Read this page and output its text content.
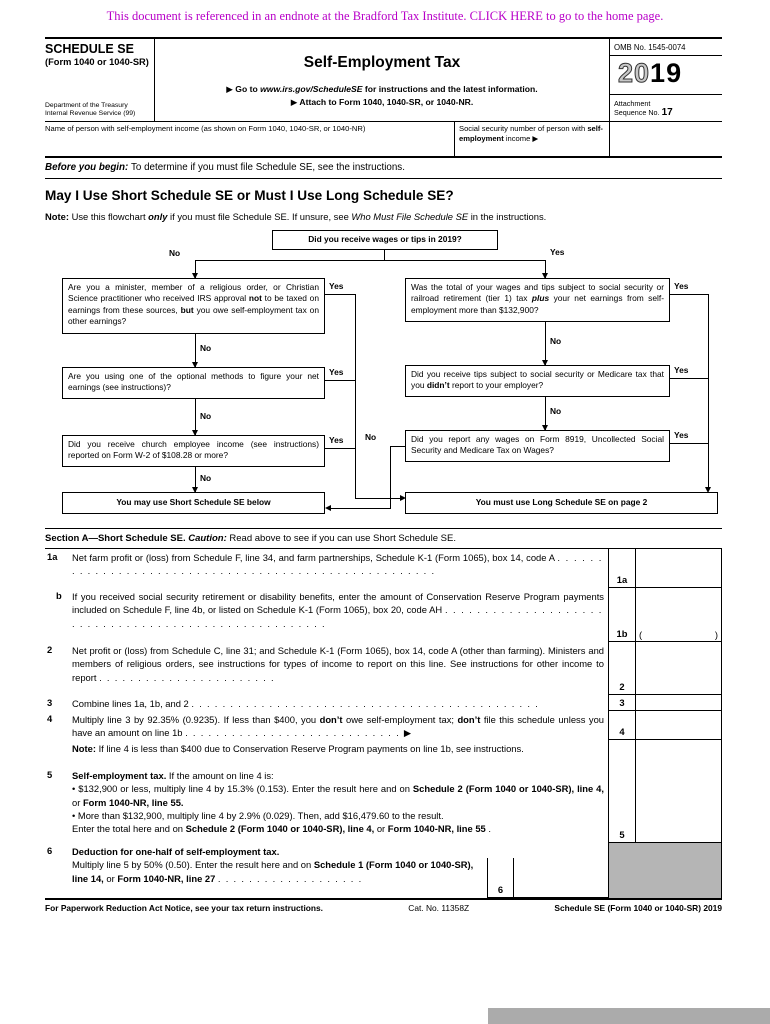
This document is referenced in an endnote at the Bradford Tax Institute. CLICK HERE to go to the home page.
SCHEDULE SE
(Form 1040 or 1040-SR)
Department of the Treasury
Internal Revenue Service (99)
Self-Employment Tax
▶ Go to www.irs.gov/ScheduleSE for instructions and the latest information.
▶ Attach to Form 1040, 1040-SR, or 1040-NR.
OMB No. 1545-0074
2019
Attachment
Sequence No. 17
Name of person with self-employment income (as shown on Form 1040, 1040-SR, or 1040-NR)	Social security number of person with self-employment income ▶
Before you begin: To determine if you must file Schedule SE, see the instructions.
May I Use Short Schedule SE or Must I Use Long Schedule SE?
Note: Use this flowchart only if you must file Schedule SE. If unsure, see Who Must File Schedule SE in the instructions.
Did you receive wages or tips in 2019?
No	Yes
Are you a minister, member of a religious order, or Christian Science practitioner who received IRS approval not to be taxed on earnings from these sources, but you owe self-employment tax on other earnings?
Are you using one of the optional methods to figure your net earnings (see instructions)?
Did you receive church employee income (see instructions) reported on Form W-2 of $108.28 or more?
You may use Short Schedule SE below
Was the total of your wages and tips subject to social security or railroad retirement (tier 1) tax plus your net earnings from self-employment more than $132,900?
Did you receive tips subject to social security or Medicare tax that you didn’t report to your employer?
Did you report any wages on Form 8919, Uncollected Social Security and Medicare Tax on Wages?
You must use Long Schedule SE on page 2
No
No
No
No
No
Yes
Yes
Yes
Yes
Yes
Yes
No
Section A—Short Schedule SE. Caution: Read above to see if you can use Short Schedule SE.
1a	Net farm profit or (loss) from Schedule F, line 34, and farm partnerships, Schedule K-1 (Form 1065), box 14, code A .  .  .  .  .  .  .  .  .  .  .  .  .  .  .  .  .  .  .  .  .  .  .  .  .  .  .  .  .  .  .  .  .  .  .  .  .  .  .  .  .  .  .  .  .  .  .  .  .  .  .  .  .
1a
b	If you received social security retirement or disability benefits, enter the amount of Conservation Reserve Program payments included on Schedule F, line 4b, or listed on Schedule K-1 (Form 1065), box 20, code AH .  .  .  .  .  .  .  .  .  .  .  .  .  .  .  .  .  .  .  .  .  .  .  .  .  .  .  .  .  .  .  .  .  .  .  .  .  .  .  .  .  .  .  .  .  .  .  .  .  .  .  .  .
1b	(	)
2	Net profit or (loss) from Schedule C, line 31; and Schedule K-1 (Form 1065), box 14, code A (other than farming). Ministers and members of religious orders, see instructions for types of income to report on this line. See instructions for other income to report .  .  .  .  .  .  .  .  .  .  .  .  .  .  .  .  .  .  .  .  .  .  .
2
3	Combine lines 1a, 1b, and 2 .  .  .  .  .  .  .  .  .  .  .  .  .  .  .  .  .  .  .  .  .  .  .  .  .  .  .  .  .  .  .  .  .  .  .  .  .  .  .  .  .  .  .  .  .	3
4	Multiply line 3 by 92.35% (0.9235). If less than $400, you don’t owe self-employment tax; don’t file this schedule unless you have an amount on line 1b .  .  .  .  .  .  .  .  .  .  .  .  .  .  .  .  .  .  .  .  .  .  .  .  .  .  .  .  ▶	4
Note: If line 4 is less than $400 due to Conservation Reserve Program payments on line 1b, see instructions.
5	Self-employment tax. If the amount on line 4 is:
• $132,900 or less, multiply line 4 by 15.3% (0.153). Enter the result here and on Schedule 2 (Form 1040 or 1040-SR), line 4, or Form 1040-NR, line 55.
• More than $132,900, multiply line 4 by 2.9% (0.029). Then, add $16,479.60 to the result.
Enter the total here and on Schedule 2 (Form 1040 or 1040-SR), line 4, or Form 1040-NR, line 55 .	5
6	Deduction for one-half of self-employment tax.
Multiply line 5 by 50% (0.50). Enter the result here and on Schedule 1 (Form 1040 or 1040-SR), line 14, or Form 1040-NR, line 27 .  .  .  .  .  .  .  .  .  .  .  .  .  .  .  .  .  .  .
6
For Paperwork Reduction Act Notice, see your tax return instructions.	Cat. No. 11358Z	Schedule SE (Form 1040 or 1040-SR) 2019
